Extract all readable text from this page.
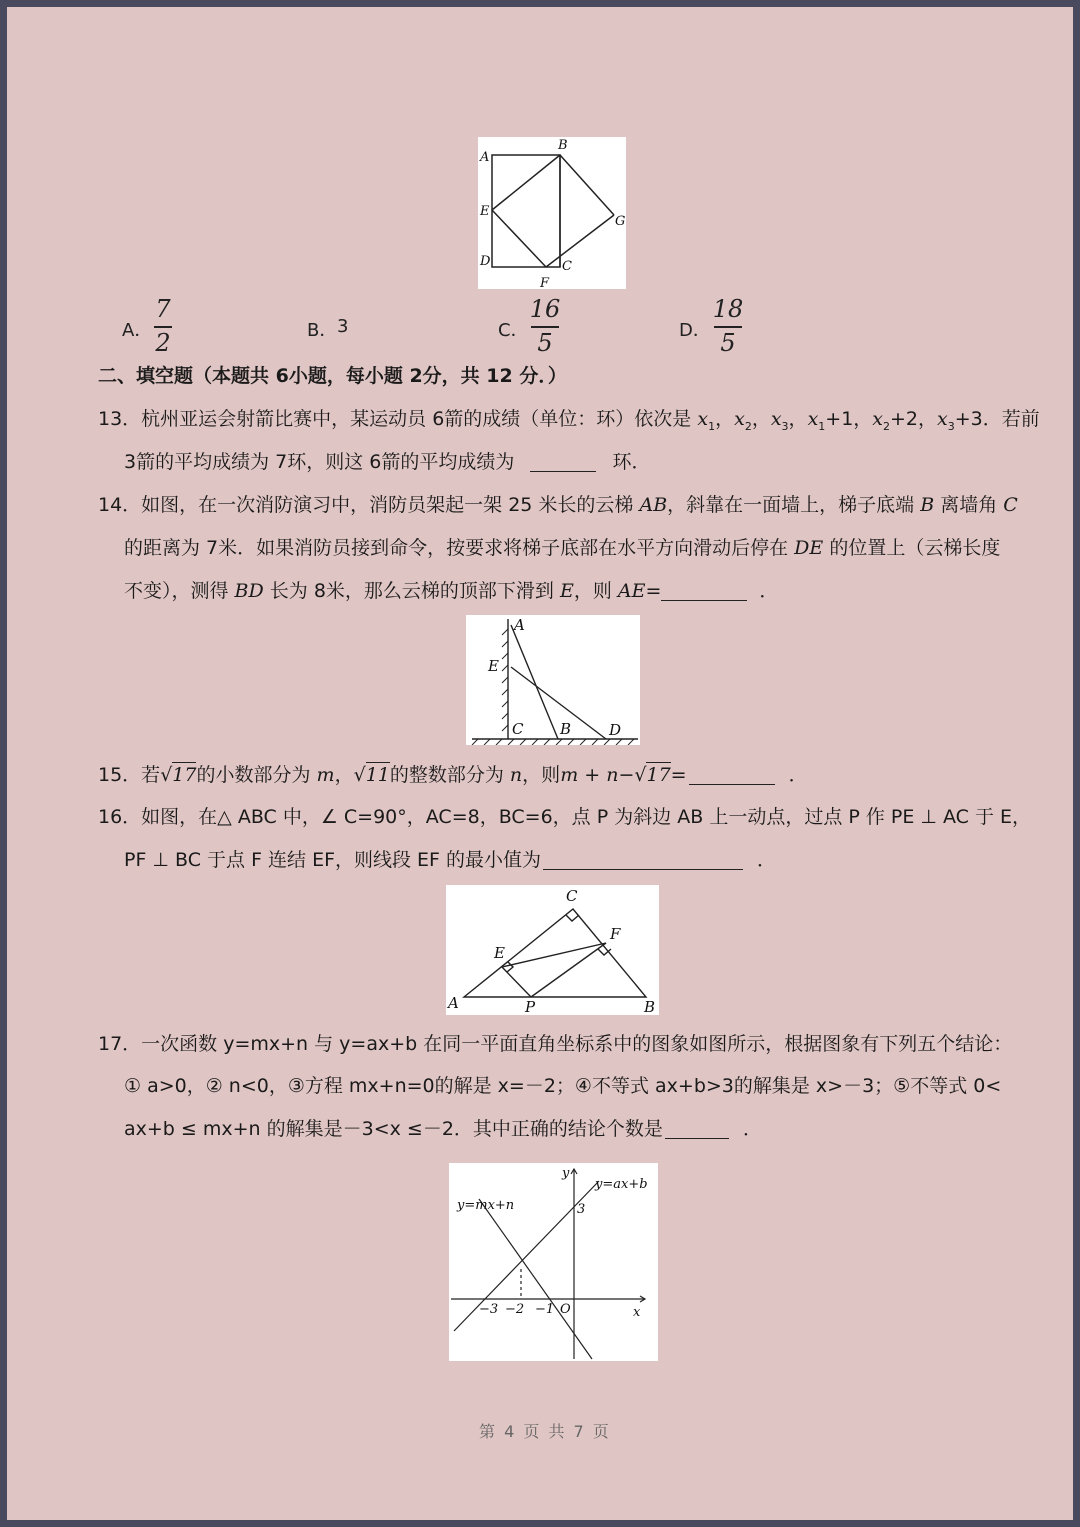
A
B
E
G
D	C
F
A．
7
2	B． 3	C．
16
5	D．
18
5
二、填空题（本题共 6小题，每小题 2分，共 12 分．）
13．杭州亚运会射箭比赛中，某运动员 6箭的成绩（单位：环）依次是 $x_1$，$x_2$，$x_3$，$x_1+1$，$x_2+2$，$x_3+3$．若前
3箭的平均成绩为 7环，则这 6箭的平均成绩为	环．
14．如图，在一次消防演习中，消防员架起一架 25 米长的云梯 AB，斜靠在一面墙上，梯子底端 B 离墙角 C
的距离为 7米．如果消防员接到命令，按要求将梯子底部在水平方向滑动后停在 DE 的位置上（云梯长度
不变），测得 BD 长为 8米，那么云梯的顶部下滑到 E，则 AE=	．
A
E
C B	D
15．若√17的小数部分为 m，√11的整数部分为 n，则m + n−√17=	．
16．如图，在△ ABC 中，∠ C=90°，AC=8，BC=6，点 P 为斜边 AB 上一动点，过点 P 作 PE ⊥ AC 于 E，
PF ⊥ BC 于点 F 连结 EF，则线段 EF 的最小值为	．
C
E
F
A	P	B
17．一次函数 y=mx+n 与 y=ax+b 在同一平面直角坐标系中的图象如图所示，根据图象有下列五个结论：
① a>0，② n<0，③方程 mx+n=0的解是 x=－2；④不等式 ax+b>3的解集是 x>－3；⑤不等式 0<
ax+b ≤ mx+n 的解集是－3<x ≤－2．其中正确的结论个数是	．
y
x
O
y=ax+b
y=mx+n	3
−3 −2 −1
第 4 页 共 7 页
